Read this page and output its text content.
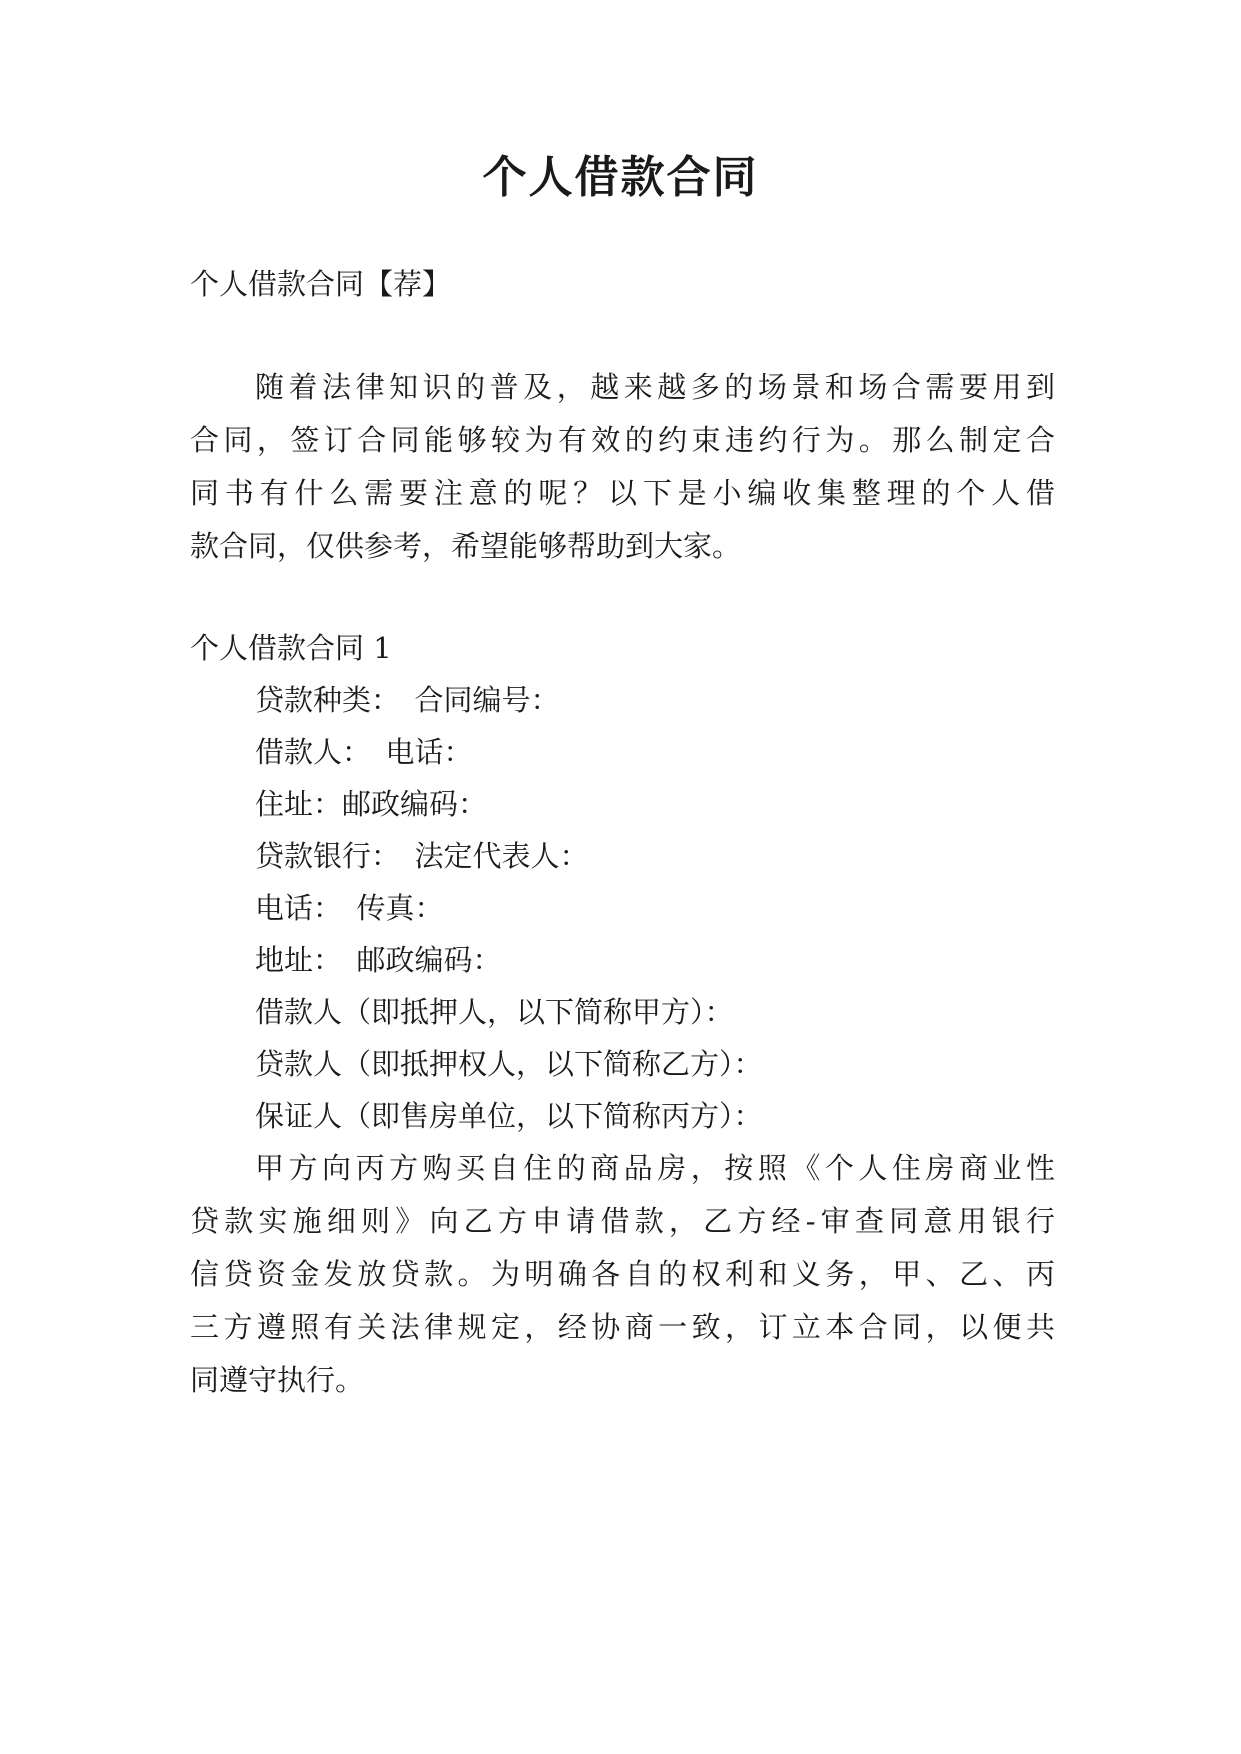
个人借款合同
个人借款合同【荐】
随着法律知识的普及，越来越多的场景和场合需要用到
合同，签订合同能够较为有效的约束违约行为。那么制定合
同书有什么需要注意的呢？以下是小编收集整理的个人借
款合同，仅供参考，希望能够帮助到大家。
个人借款合同 1
贷款种类：　合同编号：
借款人：　电话：
住址：邮政编码：
贷款银行：　法定代表人：
电话：　传真：
地址：　邮政编码：
借款人（即抵押人，以下简称甲方）：
贷款人（即抵押权人，以下简称乙方）：
保证人（即售房单位，以下简称丙方）：
甲方向丙方购买自住的商品房，按照《个人住房商业性
贷款实施细则》向乙方申请借款，乙方经-审查同意用银行
信贷资金发放贷款。为明确各自的权利和义务，甲、乙、丙
三方遵照有关法律规定，经协商一致，订立本合同，以便共
同遵守执行。
